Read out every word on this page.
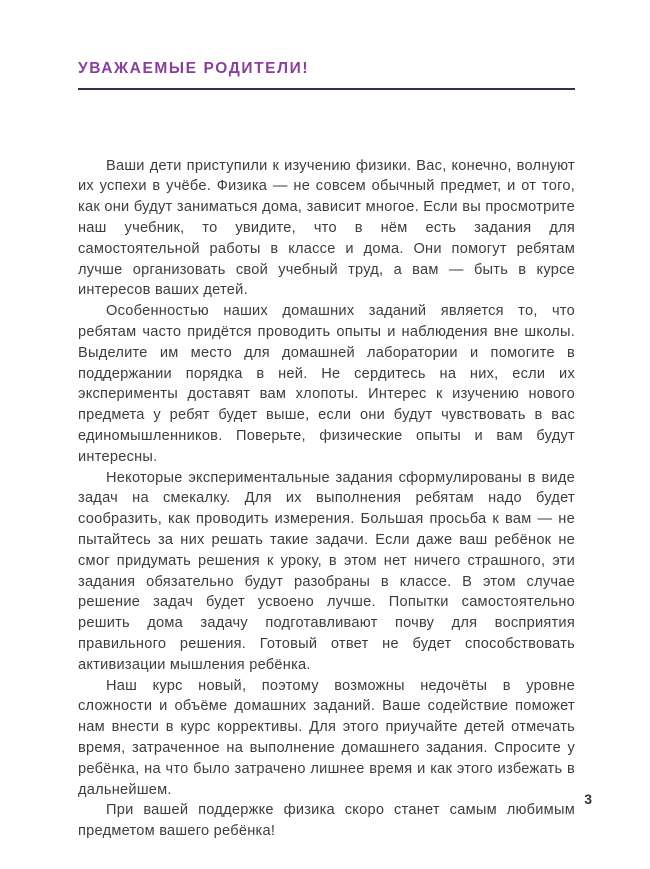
УВАЖАЕМЫЕ РОДИТЕЛИ!

Ваши дети приступили к изучению физики. Вас, конечно, волнуют их успехи в учёбе. Физика — не совсем обычный предмет, и от того, как они будут заниматься дома, зависит многое. Если вы просмотрите наш учебник, то увидите, что в нём есть задания для самостоятельной работы в классе и дома. Они помогут ребятам лучше организовать свой учебный труд, а вам — быть в курсе интересов ваших детей.

Особенностью наших домашних заданий является то, что ребятам часто придётся проводить опыты и наблюдения вне школы. Выделите им место для домашней лаборатории и помогите в поддержании порядка в ней. Не сердитесь на них, если их эксперименты доставят вам хлопоты. Интерес к изучению нового предмета у ребят будет выше, если они будут чувствовать в вас единомышленников. Поверьте, физические опыты и вам будут интересны.

Некоторые экспериментальные задания сформулированы в виде задач на смекалку. Для их выполнения ребятам надо будет сообразить, как проводить измерения. Большая просьба к вам — не пытайтесь за них решать такие задачи. Если даже ваш ребёнок не смог придумать решения к уроку, в этом нет ничего страшного, эти задания обязательно будут разобраны в классе. В этом случае решение задач будет усвоено лучше. Попытки самостоятельно решить дома задачу подготавливают почву для восприятия правильного решения. Готовый ответ не будет способствовать активизации мышления ребёнка.

Наш курс новый, поэтому возможны недочёты в уровне сложности и объёме домашних заданий. Ваше содействие поможет нам внести в курс коррективы. Для этого приучайте детей отмечать время, затраченное на выполнение домашнего задания. Спросите у ребёнка, на что было затрачено лишнее время и как этого избежать в дальнейшем.

При вашей поддержке физика скоро станет самым любимым предметом вашего ребёнка!

3
